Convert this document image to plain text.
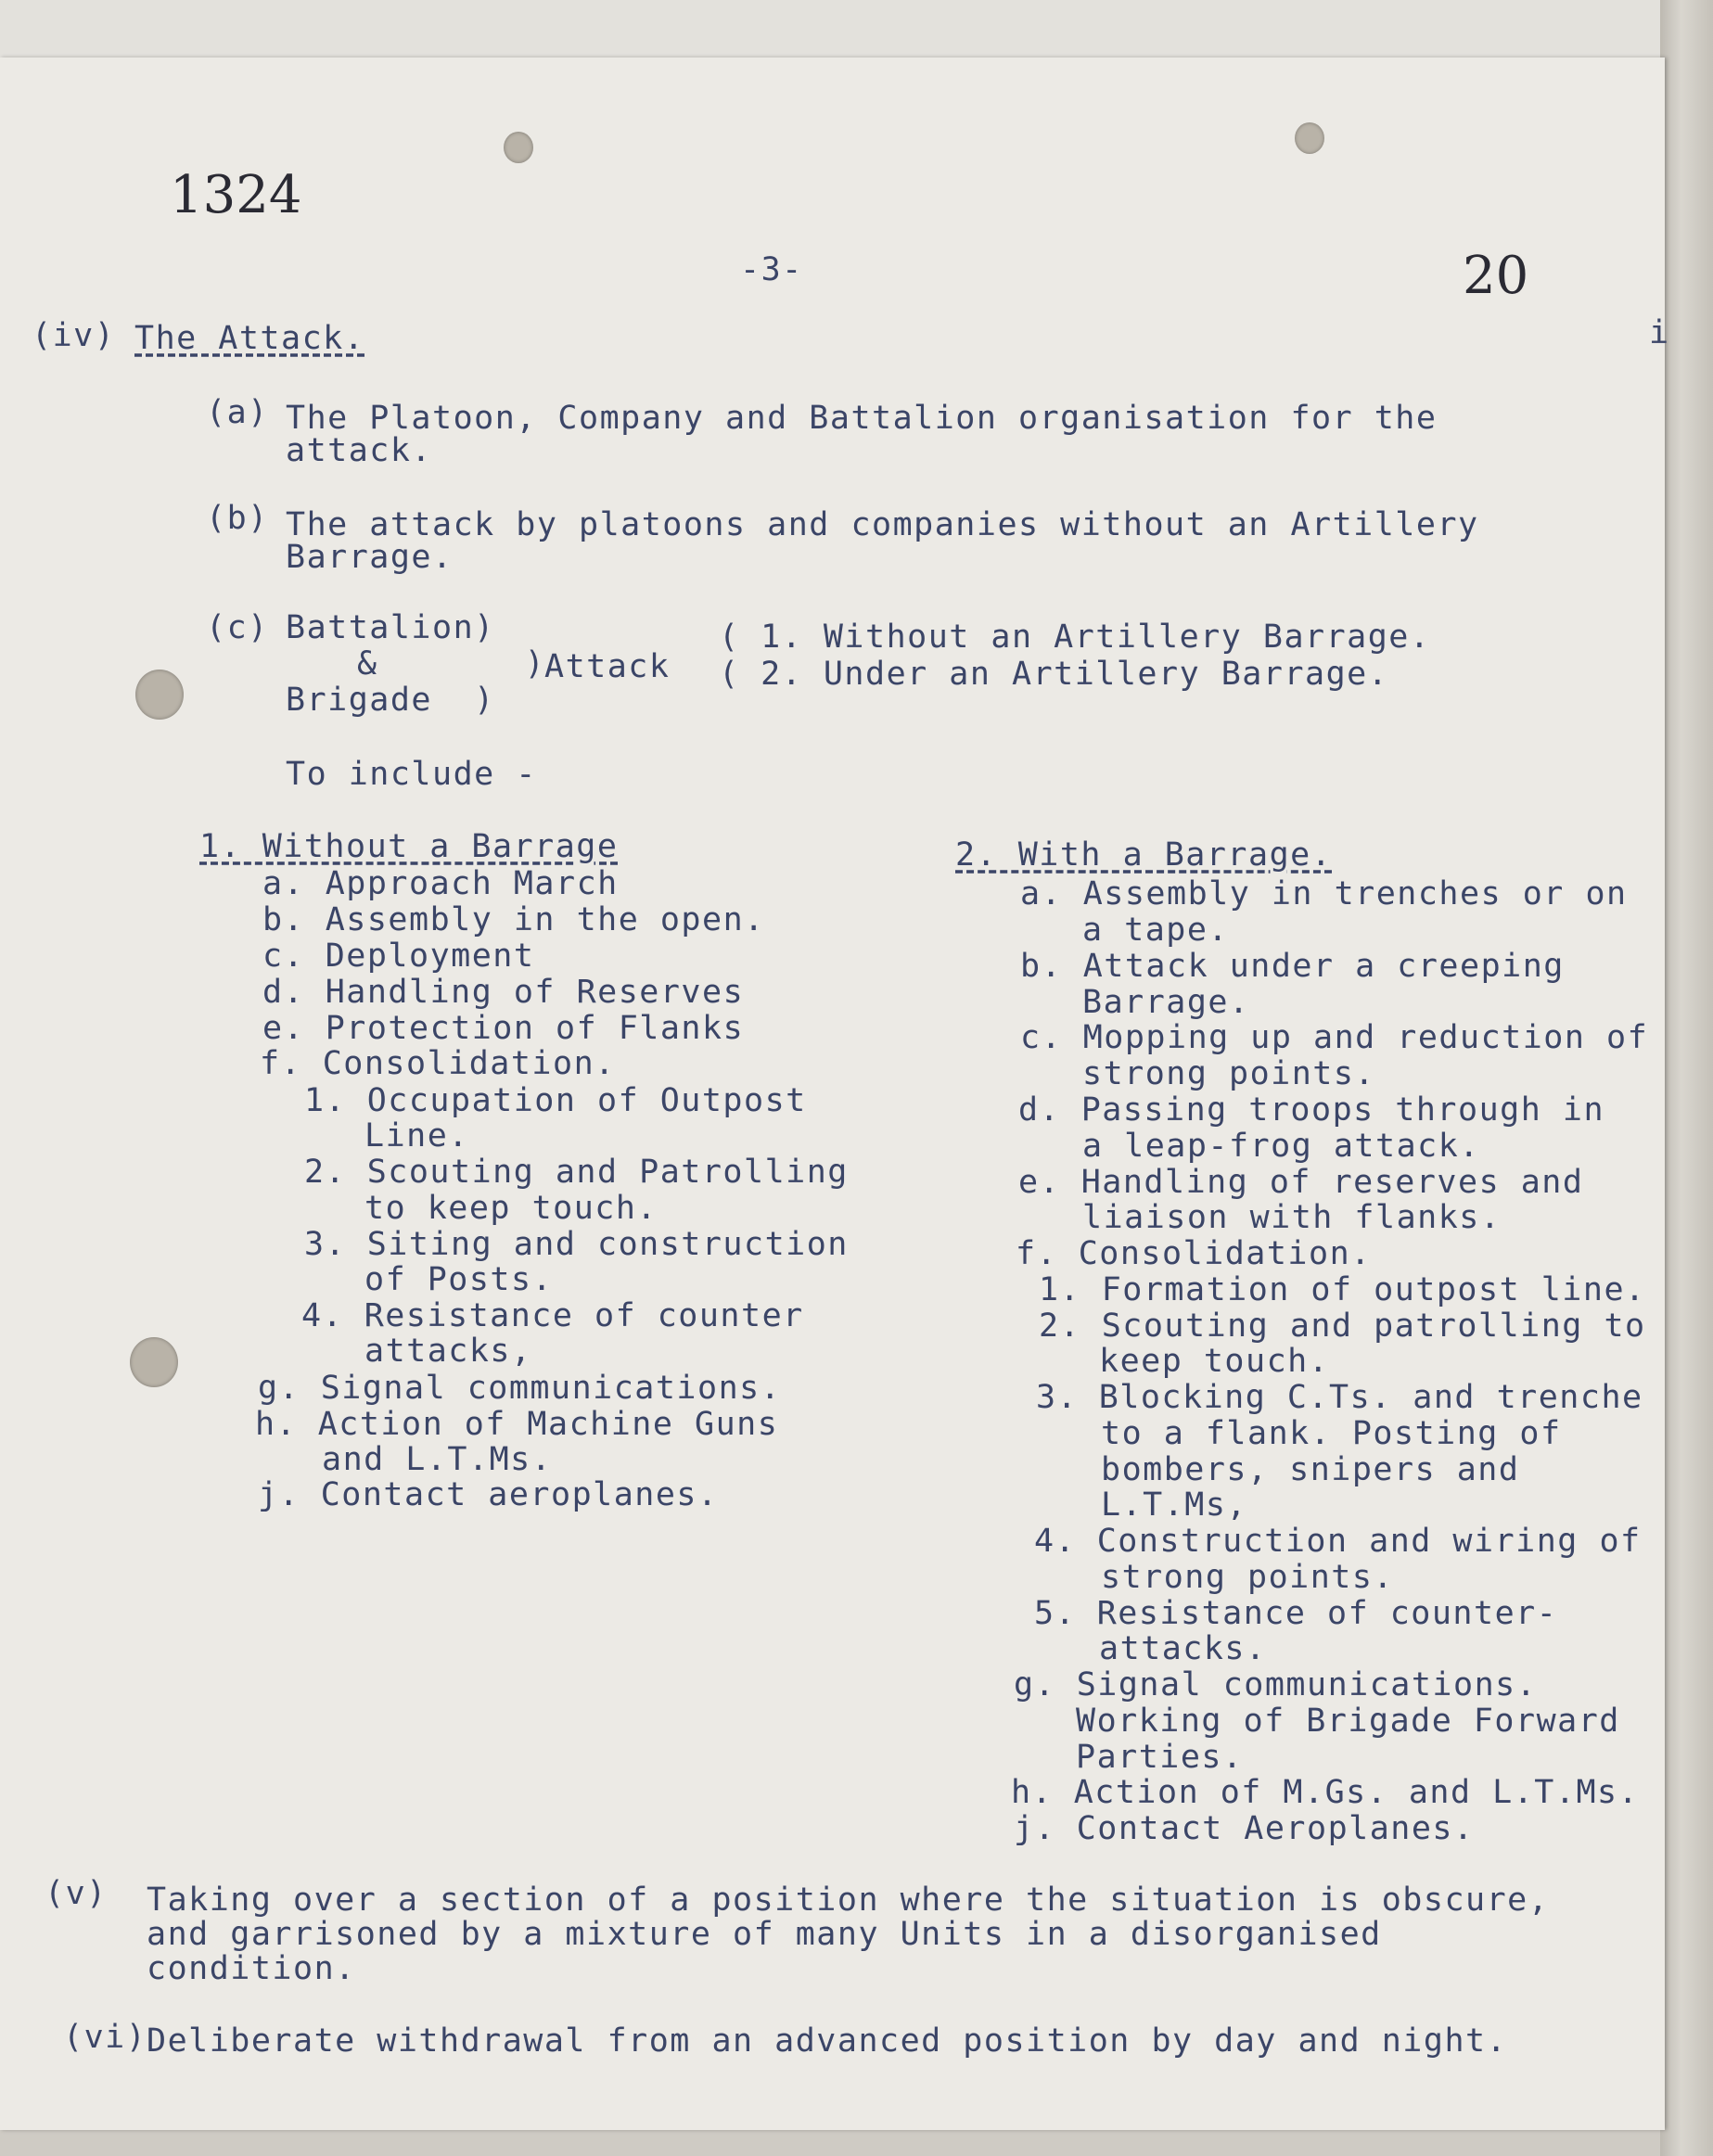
1324
20
-3-
i
(iv) The Attack.
(a) The Platoon, Company and Battalion organisation for the
attack.
(b) The attack by platoons and companies without an Artillery
Barrage.
(c) Battalion)
&       )
Brigade  )
Attack
( 1. Without an Artillery Barrage.
( 2. Under an Artillery Barrage.
To include -
1. Without a Barrage
a. Approach March
b. Assembly in the open.
c. Deployment
d. Handling of Reserves
e. Protection of Flanks
f. Consolidation.
1. Occupation of Outpost
Line.
2. Scouting and Patrolling
to keep touch.
3. Siting and construction
of Posts.
4. Resistance of counter
attacks,
g. Signal communications.
h. Action of Machine Guns
and L.T.Ms.
j. Contact aeroplanes.
2. With a Barrage.
a. Assembly in trenches or on
a tape.
b. Attack under a creeping
Barrage.
c. Mopping up and reduction of
strong points.
d. Passing troops through in
a leap-frog attack.
e. Handling of reserves and
liaison with flanks.
f. Consolidation.
1. Formation of outpost line.
2. Scouting and patrolling to
keep touch.
3. Blocking C.Ts. and trenche
to a flank. Posting of
bombers, snipers and
L.T.Ms,
4. Construction and wiring of
strong points.
5. Resistance of counter-
attacks.
g. Signal communications.
Working of Brigade Forward
Parties.
h. Action of M.Gs. and L.T.Ms.
j. Contact Aeroplanes.
(v) Taking over a section of a position where the situation is obscure,
and garrisoned by a mixture of many Units in a disorganised
condition.
(vi) Deliberate withdrawal from an advanced position by day and night.
